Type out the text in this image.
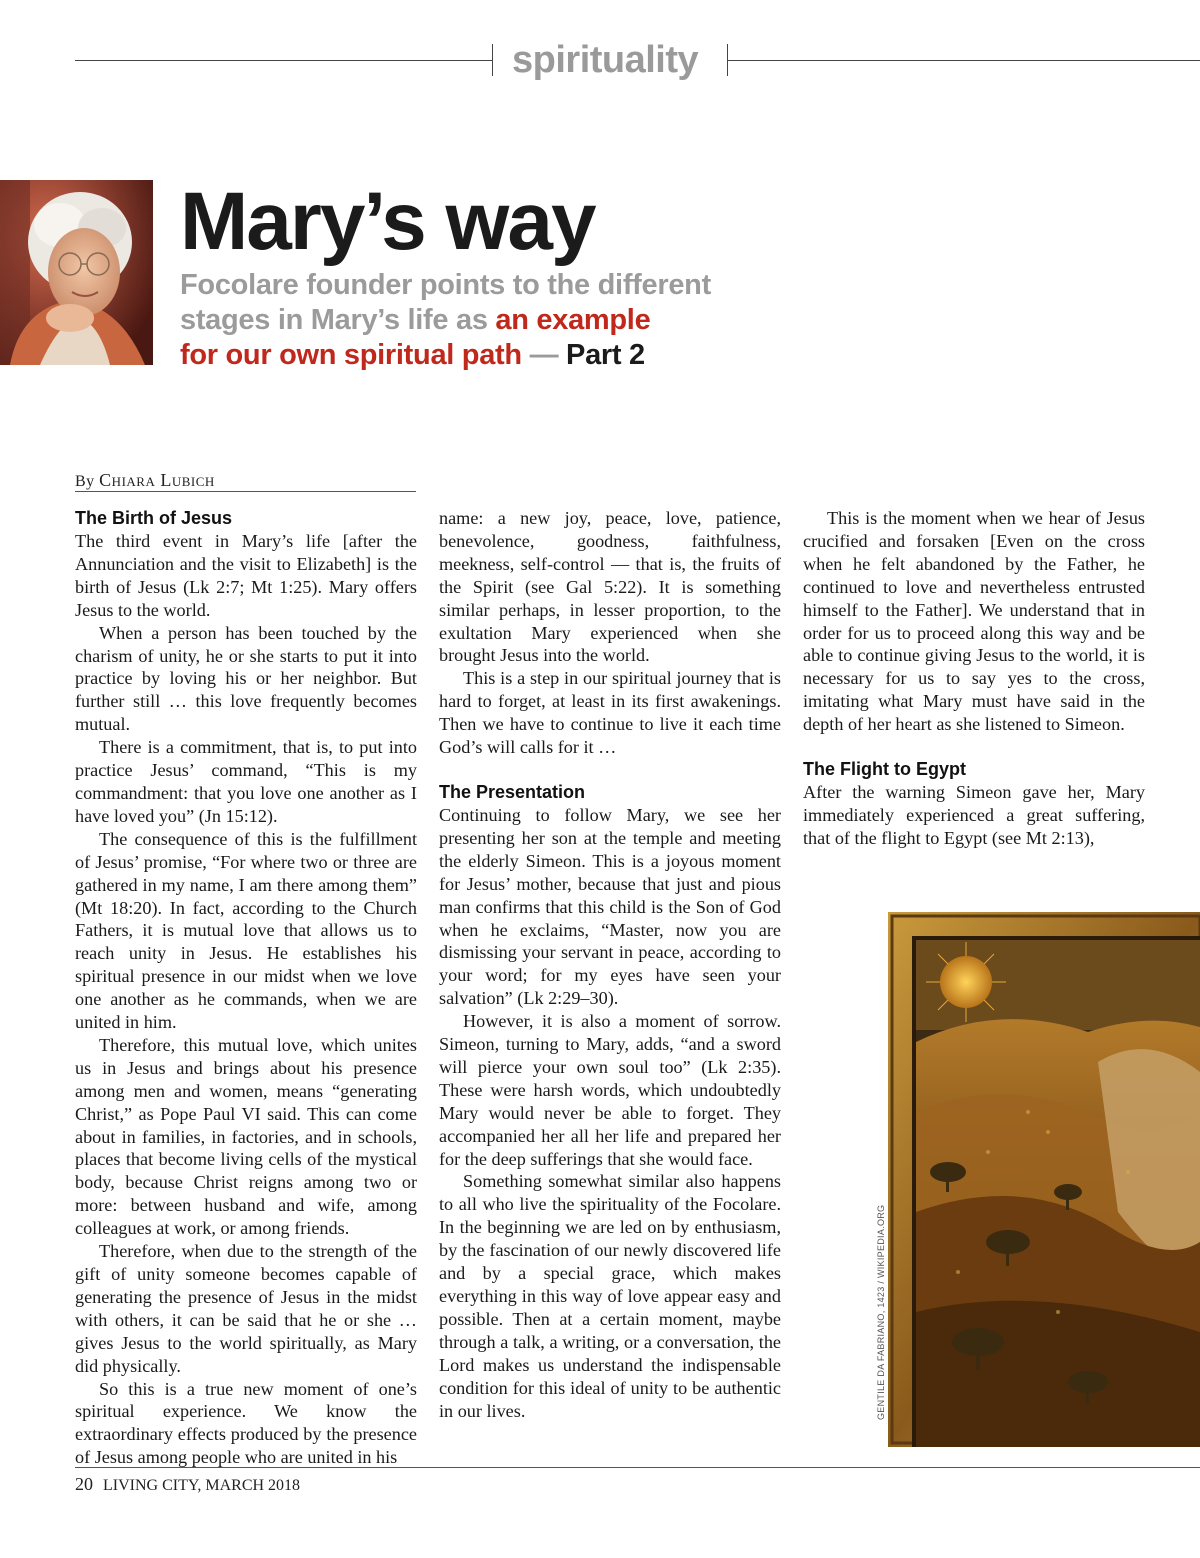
spirituality
Mary’s way
Focolare founder points to the different
stages in Mary’s life as an example
for our own spiritual path — Part 2
By Chiara Lubich
The Birth of Jesus

The third event in Mary’s life [after the Annunciation and the visit to Elizabeth] is the birth of Jesus (Lk 2:7; Mt 1:25). Mary offers Jesus to the world.

When a person has been touched by the charism of unity, he or she starts to put it into practice by loving his or her neighbor. But further still … this love frequently becomes mutual.

There is a commitment, that is, to put into practice Jesus’ command, “This is my commandment: that you love one another as I have loved you” (Jn 15:12).

The consequence of this is the fulfillment of Jesus’ promise, “For where two or three are gathered in my name, I am there among them” (Mt 18:20). In fact, according to the Church Fathers, it is mutual love that allows us to reach unity in Jesus. He establishes his spiritual presence in our midst when we love one another as he commands, when we are united in him.

Therefore, this mutual love, which unites us in Jesus and brings about his presence among men and women, means “generating Christ,” as Pope Paul VI said. This can come about in families, in factories, and in schools, places that become living cells of the mystical body, because Christ reigns among two or more: between husband and wife, among colleagues at work, or among friends.

Therefore, when due to the strength of the gift of unity someone becomes capable of generating the presence of Jesus in the midst with others, it can be said that he or she … gives Jesus to the world spiritually, as Mary did physically.

So this is a true new moment of one’s spiritual experience. We know the extraordinary effects produced by the presence of Jesus among people who are united in his

name: a new joy, peace, love, patience, benevolence, goodness, faithfulness, meekness, self-control — that is, the fruits of the Spirit (see Gal 5:22). It is something similar perhaps, in lesser proportion, to the exultation Mary experienced when she brought Jesus into the world.

This is a step in our spiritual journey that is hard to forget, at least in its first awakenings. Then we have to continue to live it each time God’s will calls for it …

The Presentation

Continuing to follow Mary, we see her presenting her son at the temple and meeting the elderly Simeon. This is a joyous moment for Jesus’ mother, because that just and pious man confirms that this child is the Son of God when he exclaims, “Master, now you are dismissing your servant in peace, according to your word; for my eyes have seen your salvation” (Lk 2:29–30).

However, it is also a moment of sorrow. Simeon, turning to Mary, adds, “and a sword will pierce your own soul too” (Lk 2:35). These were harsh words, which undoubtedly Mary would never be able to forget. They accompanied her all her life and prepared her for the deep sufferings that she would face.

Something somewhat similar also happens to all who live the spirituality of the Focolare. In the beginning we are led on by enthusiasm, by the fascination of our newly discovered life and by a special grace, which makes everything in this way of love appear easy and possible. Then at a certain moment, maybe through a talk, a writing, or a conversation, the Lord makes us understand the indispensable condition for this ideal of unity to be authentic in our lives.

This is the moment when we hear of Jesus crucified and forsaken [Even on the cross when he felt abandoned by the Father, he continued to love and nevertheless entrusted himself to the Father]. We understand that in order for us to proceed along this way and be able to continue giving Jesus to the world, it is necessary for us to say yes to the cross, imitating what Mary must have said in the depth of her heart as she listened to Simeon.

The Flight to Egypt

After the warning Simeon gave her, Mary immediately experienced a great suffering, that of the flight to Egypt (see Mt 2:13),

GENTILE DA FABRIANO, 1423 / WIKIPEDIA.ORG
20 LIVING CITY, MARCH 2018
